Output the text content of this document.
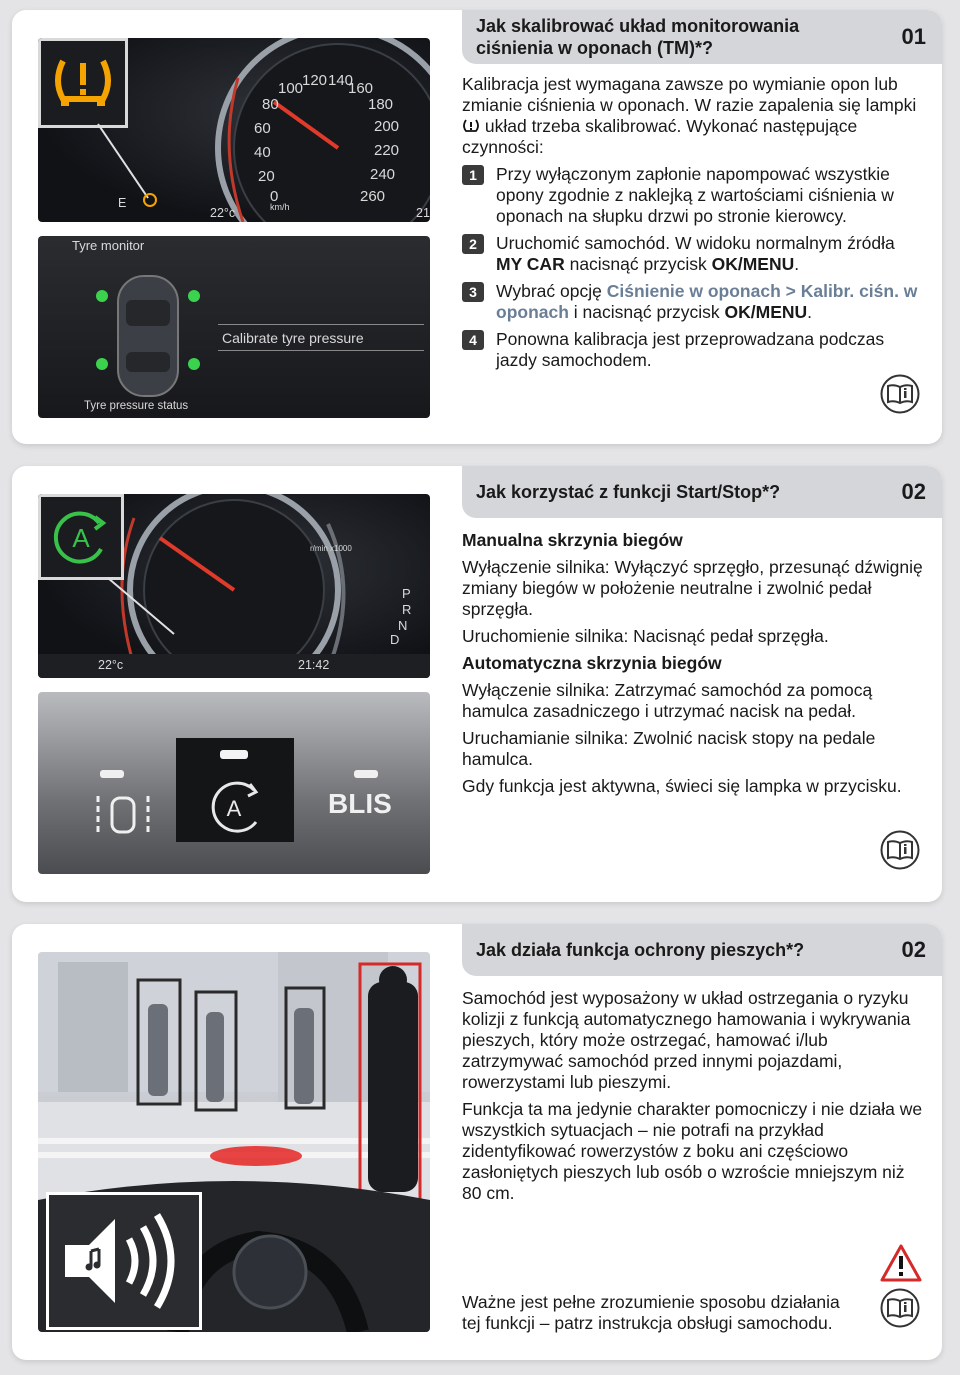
Jak skalibrować układ monitorowania ciśnienia w oponach (TM)*?	01
80
100
120 140
160
180
200
220
240
260
60
40
20
0
km/h
22°c	21
E
Tyre monitor
Calibrate tyre pressure
Tyre pressure status

Kalibracja jest wymagana zawsze po wymianie opon lub zmianie ciśnienia w oponach. W razie zapalenia się lampki  układ trzeba skalibrować. Wykonać następujące czynności:

1	Przy wyłączonym zapłonie napompować wszystkie opony zgodnie z naklejką z wartościami ciśnienia w oponach na słupku drzwi po stronie kierowcy.
2	Uruchomić samochód. W widoku normalnym źródła MY CAR nacisnąć przycisk OK/MENU.
3	Wybrać opcję Ciśnienie w oponach > Kalibr. ciśn. w oponach i nacisnąć przycisk OK/MENU.
4	Ponowna kalibracja jest przeprowadzana podczas jazdy samochodem.
Jak korzystać z funkcji Start/Stop*?	02
r/min x1000
P
R
N
D
22°c	21:42
A
A	BLIS
Manualna skrzynia biegów

Wyłączenie silnika: Wyłączyć sprzęgło, przesunąć dźwignię zmiany biegów w położenie neutralne i zwolnić pedał sprzęgła.

Uruchomienie silnika: Nacisnąć pedał sprzęgła.

Automatyczna skrzynia biegów

Wyłączenie silnika: Zatrzymać samochód za pomocą hamulca zasadniczego i utrzymać nacisk na pedał.

Uruchamianie silnika: Zwolnić nacisk stopy na pedale hamulca.

Gdy funkcja jest aktywna, świeci się lampka w przycisku.

Jak działa funkcja ochrony pieszych*?	02

Samochód jest wyposażony w układ ostrzegania o ryzyku kolizji z funkcją automatycznego hamowania i wykrywania pieszych, który może ostrzegać, hamować i/lub zatrzymywać samochód przed innymi pojazdami, rowerzystami lub pieszymi.

Funkcja ta ma jedynie charakter pomocniczy i nie działa we wszystkich sytuacjach – nie potrafi na przykład zidentyfikować rowerzystów z boku ani częściowo zasłoniętych pieszych lub osób o wzroście mniejszym niż 80 cm.

Ważne jest pełne zrozumienie sposobu działania tej funkcji – patrz instrukcja obsługi samochodu.
